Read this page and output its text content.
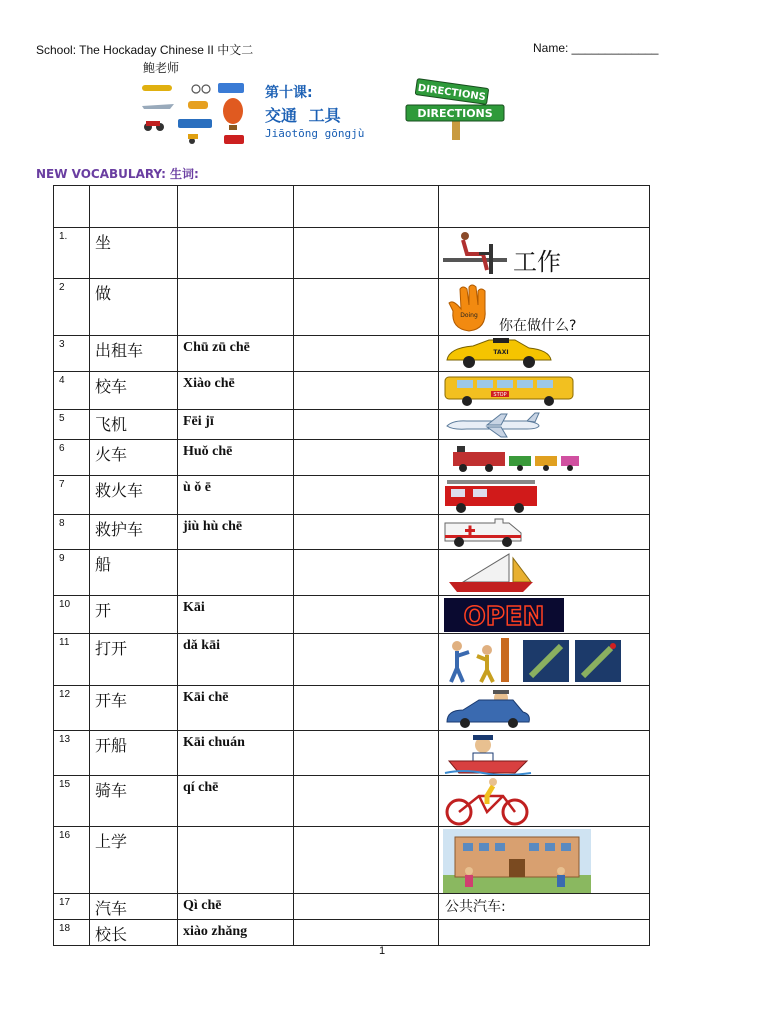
School: The Hockaday Chinese II 中文二	Name: _____________
鲍老师
第十课:
交通 工具
Jiāotōng gōngjù
DIRECTIONS
DIRECTIONS
NEW VOCABULARY: 生词:

1.	坐			工作

2	做			Doing
你在做什么?

3	出租车	Chū zū chē		TAXI

4	校车	Xiào chē		STOP

5	飞机	Fēi jī		

6	火车	Huǒ chē		

7	救火车	ù ǒ ē		

8	救护车	jiù hù chē		

9	船			

10	开	Kāi		OPEN

11	打开	dǎ kāi		

12	开车	Kāi chē		

13	开船	Kāi chuán		

15	骑车	qí chē		

16	上学			

17	汽车	Qì chē		公共汽车:

18	校长	xiào zhǎng		
1
